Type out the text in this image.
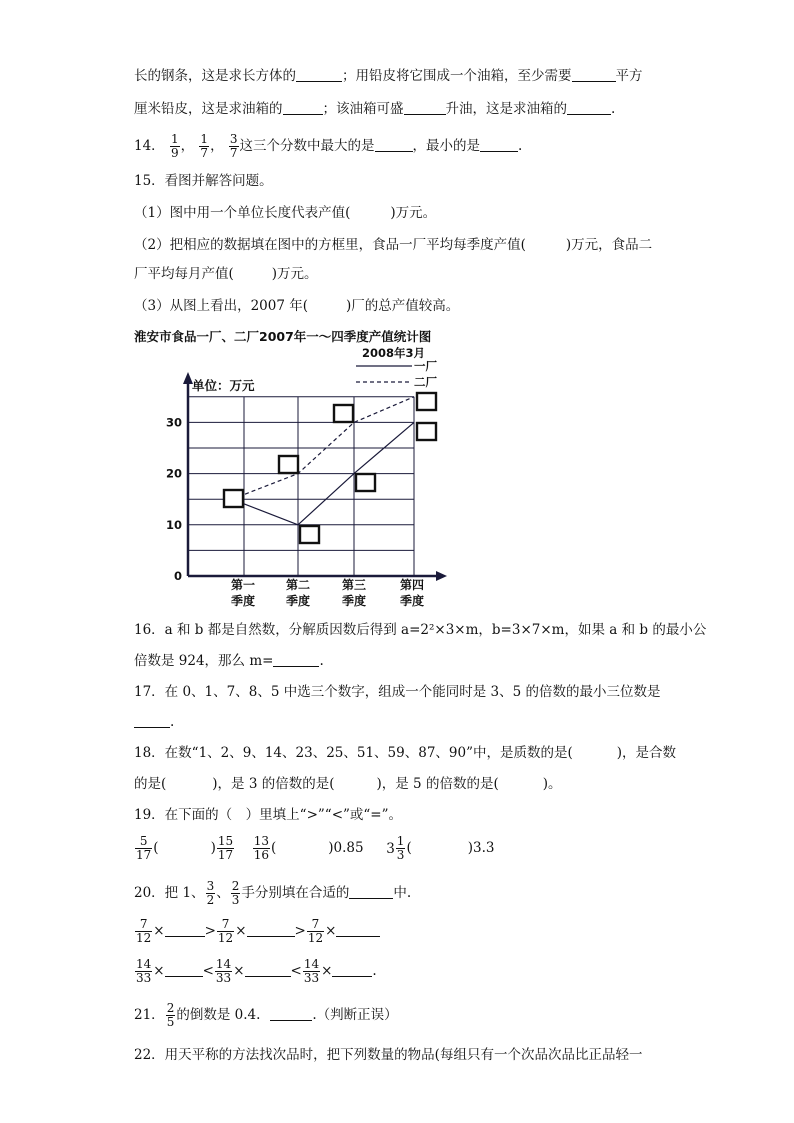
长的钢条，这是求长方体的	；用铅皮将它围成一个油箱，至少需要	平方
厘米铅皮，这是求油箱的	；该油箱可盛	升油，这是求油箱的	.
14． $\frac{1}{9}$ ， $\frac{1}{7}$ ， $\frac{3}{7}$ 这三个分数中最大的是	，最小的是	.
15．看图并解答问题。
（1）图中用一个单位长度代表产值(	)万元。
（2）把相应的数据填在图中的方框里，食品一厂平均每季度产值(	)万元，食品二
厂平均每月产值(	)万元。
（3）从图上看出，2007 年(	)厂的总产值较高。
淮安市食品一厂、二厂2007年一～四季度产值统计图
2008年3月
单位：万元
0
10
20
30
第一
季度
第二
季度
第三
季度
第四
季度
一厂
二厂
16．a 和 b 都是自然数，分解质因数后得到 a=2²×3×m，b=3×7×m，如果 a 和 b 的最小公
倍数是 924，那么 m=	.
17．在 0、1、7、8、5 中选三个数字，组成一个能同时是 3、5 的倍数的最小三位数是
.
18．在数“1、2、9、14、23、25、51、59、87、90”中，是质数的是(	)，是合数
的是(	)，是 3 的倍数的是(	)，是 5 的倍数的是(	)。
19．在下面的（　）里填上“>”“<”或“=”。
$\frac{5}{17}$ (	) $\frac{15}{17}$
$\frac{13}{16}$ (	)0.85 $3 \frac{1}{3}$ (	)3.3
20．把 1、 $\frac{3}{2}$ 、 $\frac{2}{3}$ 手分别填在合适的	中.
$\frac{7}{12}$ ×	> $\frac{7}{12}$ ×	> $\frac{7}{12}$ ×
$\frac{14}{33}$ ×	< $\frac{14}{33}$ ×	< $\frac{14}{33}$ ×	.
21． $\frac{2}{5}$ 的倒数是 0.4.	.（判断正误）
22．用天平称的方法找次品时，把下列数量的物品(每组只有一个次品次品比正品轻一
